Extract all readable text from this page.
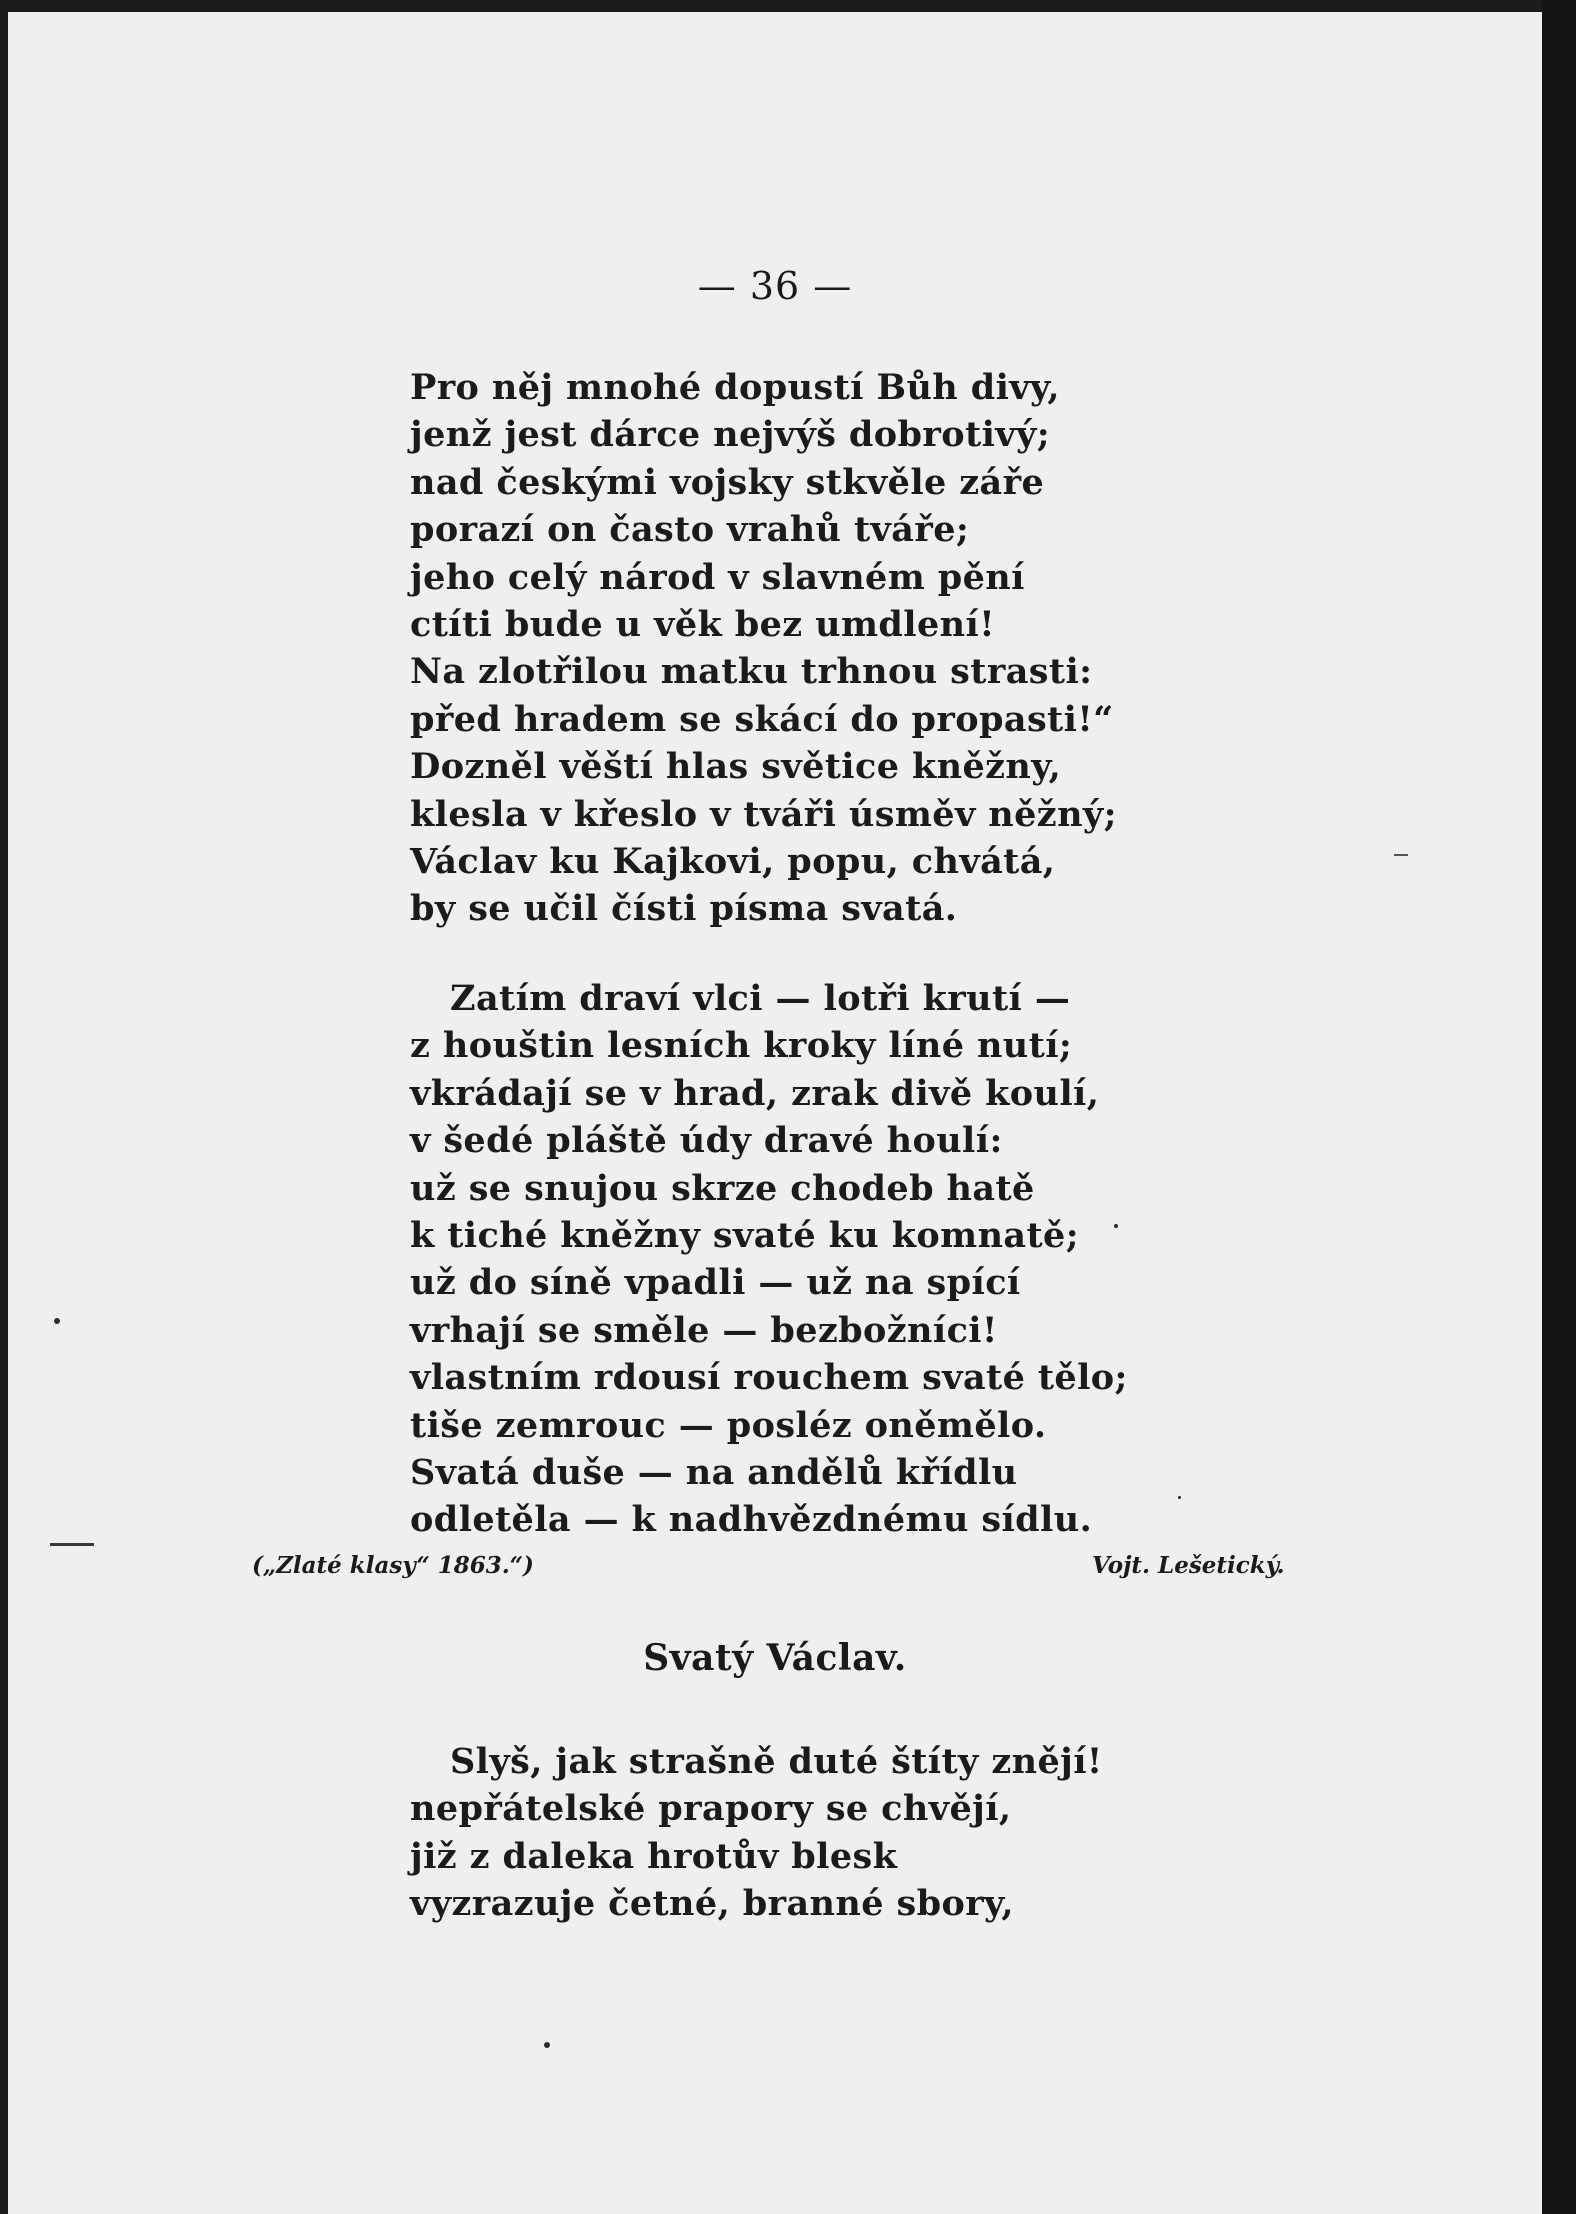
— 36 —
Pro něj mnohé dopustí Bůh divy,
jenž jest dárce nejvýš dobrotivý;
nad českými vojsky stkvěle záře
porazí on často vrahů tváře;
jeho celý národ v slavném pění
ctíti bude u věk bez umdlení!
Na zlotřilou matku trhnou strasti:
před hradem se skácí do propasti!“
Dozněl věští hlas světice kněžny,
klesla v křeslo v tváři úsměv něžný;
Václav ku Kajkovi, popu, chvátá,
by se učil čísti písma svatá.
Zatím draví vlci — lotři krutí —
z houštin lesních kroky líné nutí;
vkrádají se v hrad, zrak divě koulí,
v šedé pláště údy dravé houlí:
už se snujou skrze chodeb hatě
k tiché kněžny svaté ku komnatě;
už do síně vpadli — už na spící
vrhají se směle — bezbožníci!
vlastním rdousí rouchem svaté tělo;
tiše zemrouc — posléz oněmělo.
Svatá duše — na andělů křídlu
odletěla — k nadhvězdnému sídlu.
(„Zlaté klasy“ 1863.“)	Vojt. Lešetický.
Svatý Václav.
Slyš, jak strašně duté štíty znějí!
nepřátelské prapory se chvějí,
již z daleka hrotův blesk
vyzrazuje četné, branné sbory,
